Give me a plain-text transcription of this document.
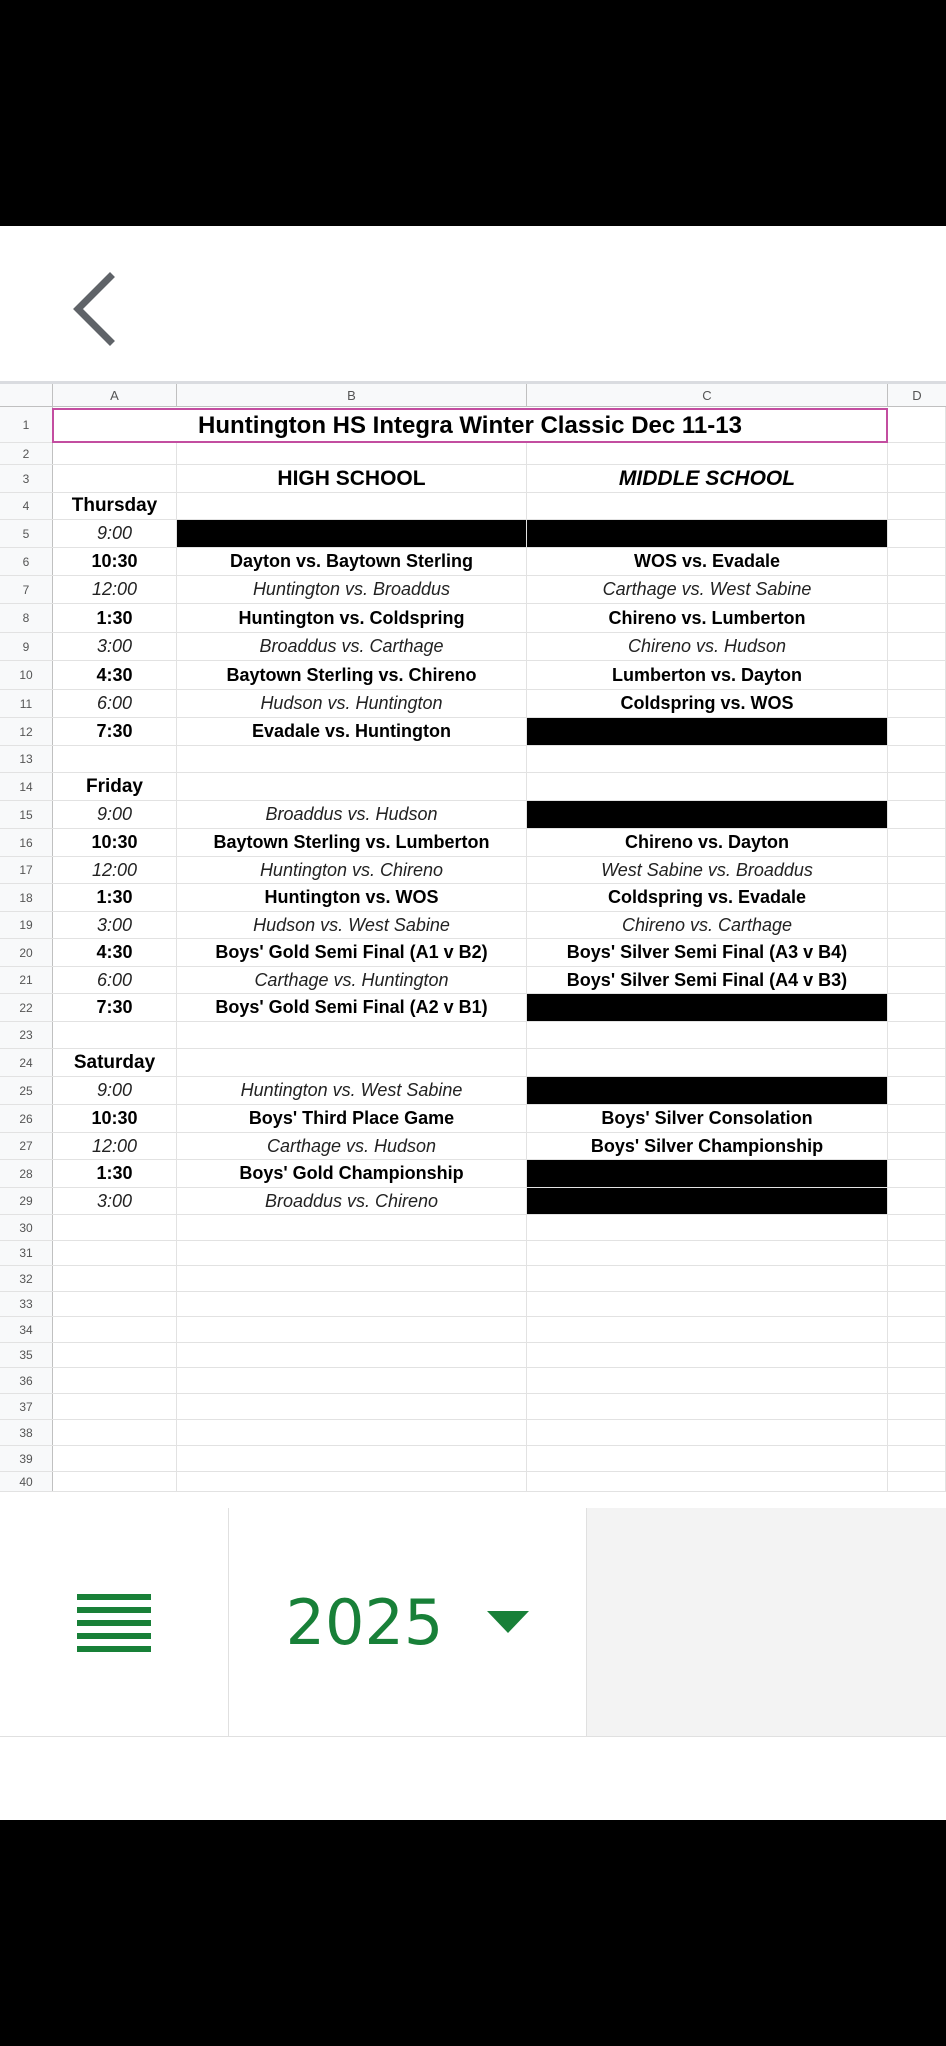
A	B	C	D
1	Huntington HS Integra Winter Classic Dec 11-13
2
3	HIGH SCHOOL	MIDDLE SCHOOL
4	Thursday
5	9:00
6	10:30	Dayton vs. Baytown Sterling	WOS vs. Evadale
7	12:00	Huntington vs. Broaddus	Carthage vs. West Sabine
8	1:30	Huntington vs. Coldspring	Chireno vs. Lumberton
9	3:00	Broaddus vs. Carthage	Chireno vs. Hudson
10	4:30	Baytown Sterling vs. Chireno	Lumberton vs. Dayton
11	6:00	Hudson vs. Huntington	Coldspring vs. WOS
12	7:30	Evadale vs. Huntington
13
14	Friday
15	9:00	Broaddus vs. Hudson
16	10:30	Baytown Sterling vs. Lumberton	Chireno vs. Dayton
17	12:00	Huntington vs. Chireno	West Sabine vs. Broaddus
18	1:30	Huntington vs. WOS	Coldspring vs. Evadale
19	3:00	Hudson vs. West Sabine	Chireno vs. Carthage
20	4:30	Boys' Gold Semi Final (A1 v B2)	Boys' Silver Semi Final (A3 v B4)
21	6:00	Carthage vs. Huntington	Boys' Silver Semi Final (A4 v B3)
22	7:30	Boys' Gold Semi Final (A2 v B1)
23
24	Saturday
25	9:00	Huntington vs. West Sabine
26	10:30	Boys' Third Place Game	Boys' Silver Consolation
27	12:00	Carthage vs. Hudson	Boys' Silver Championship
28	1:30	Boys' Gold Championship
29	3:00	Broaddus vs. Chireno
30
31
32
33
34
35
36
37
38
39
40
2025
